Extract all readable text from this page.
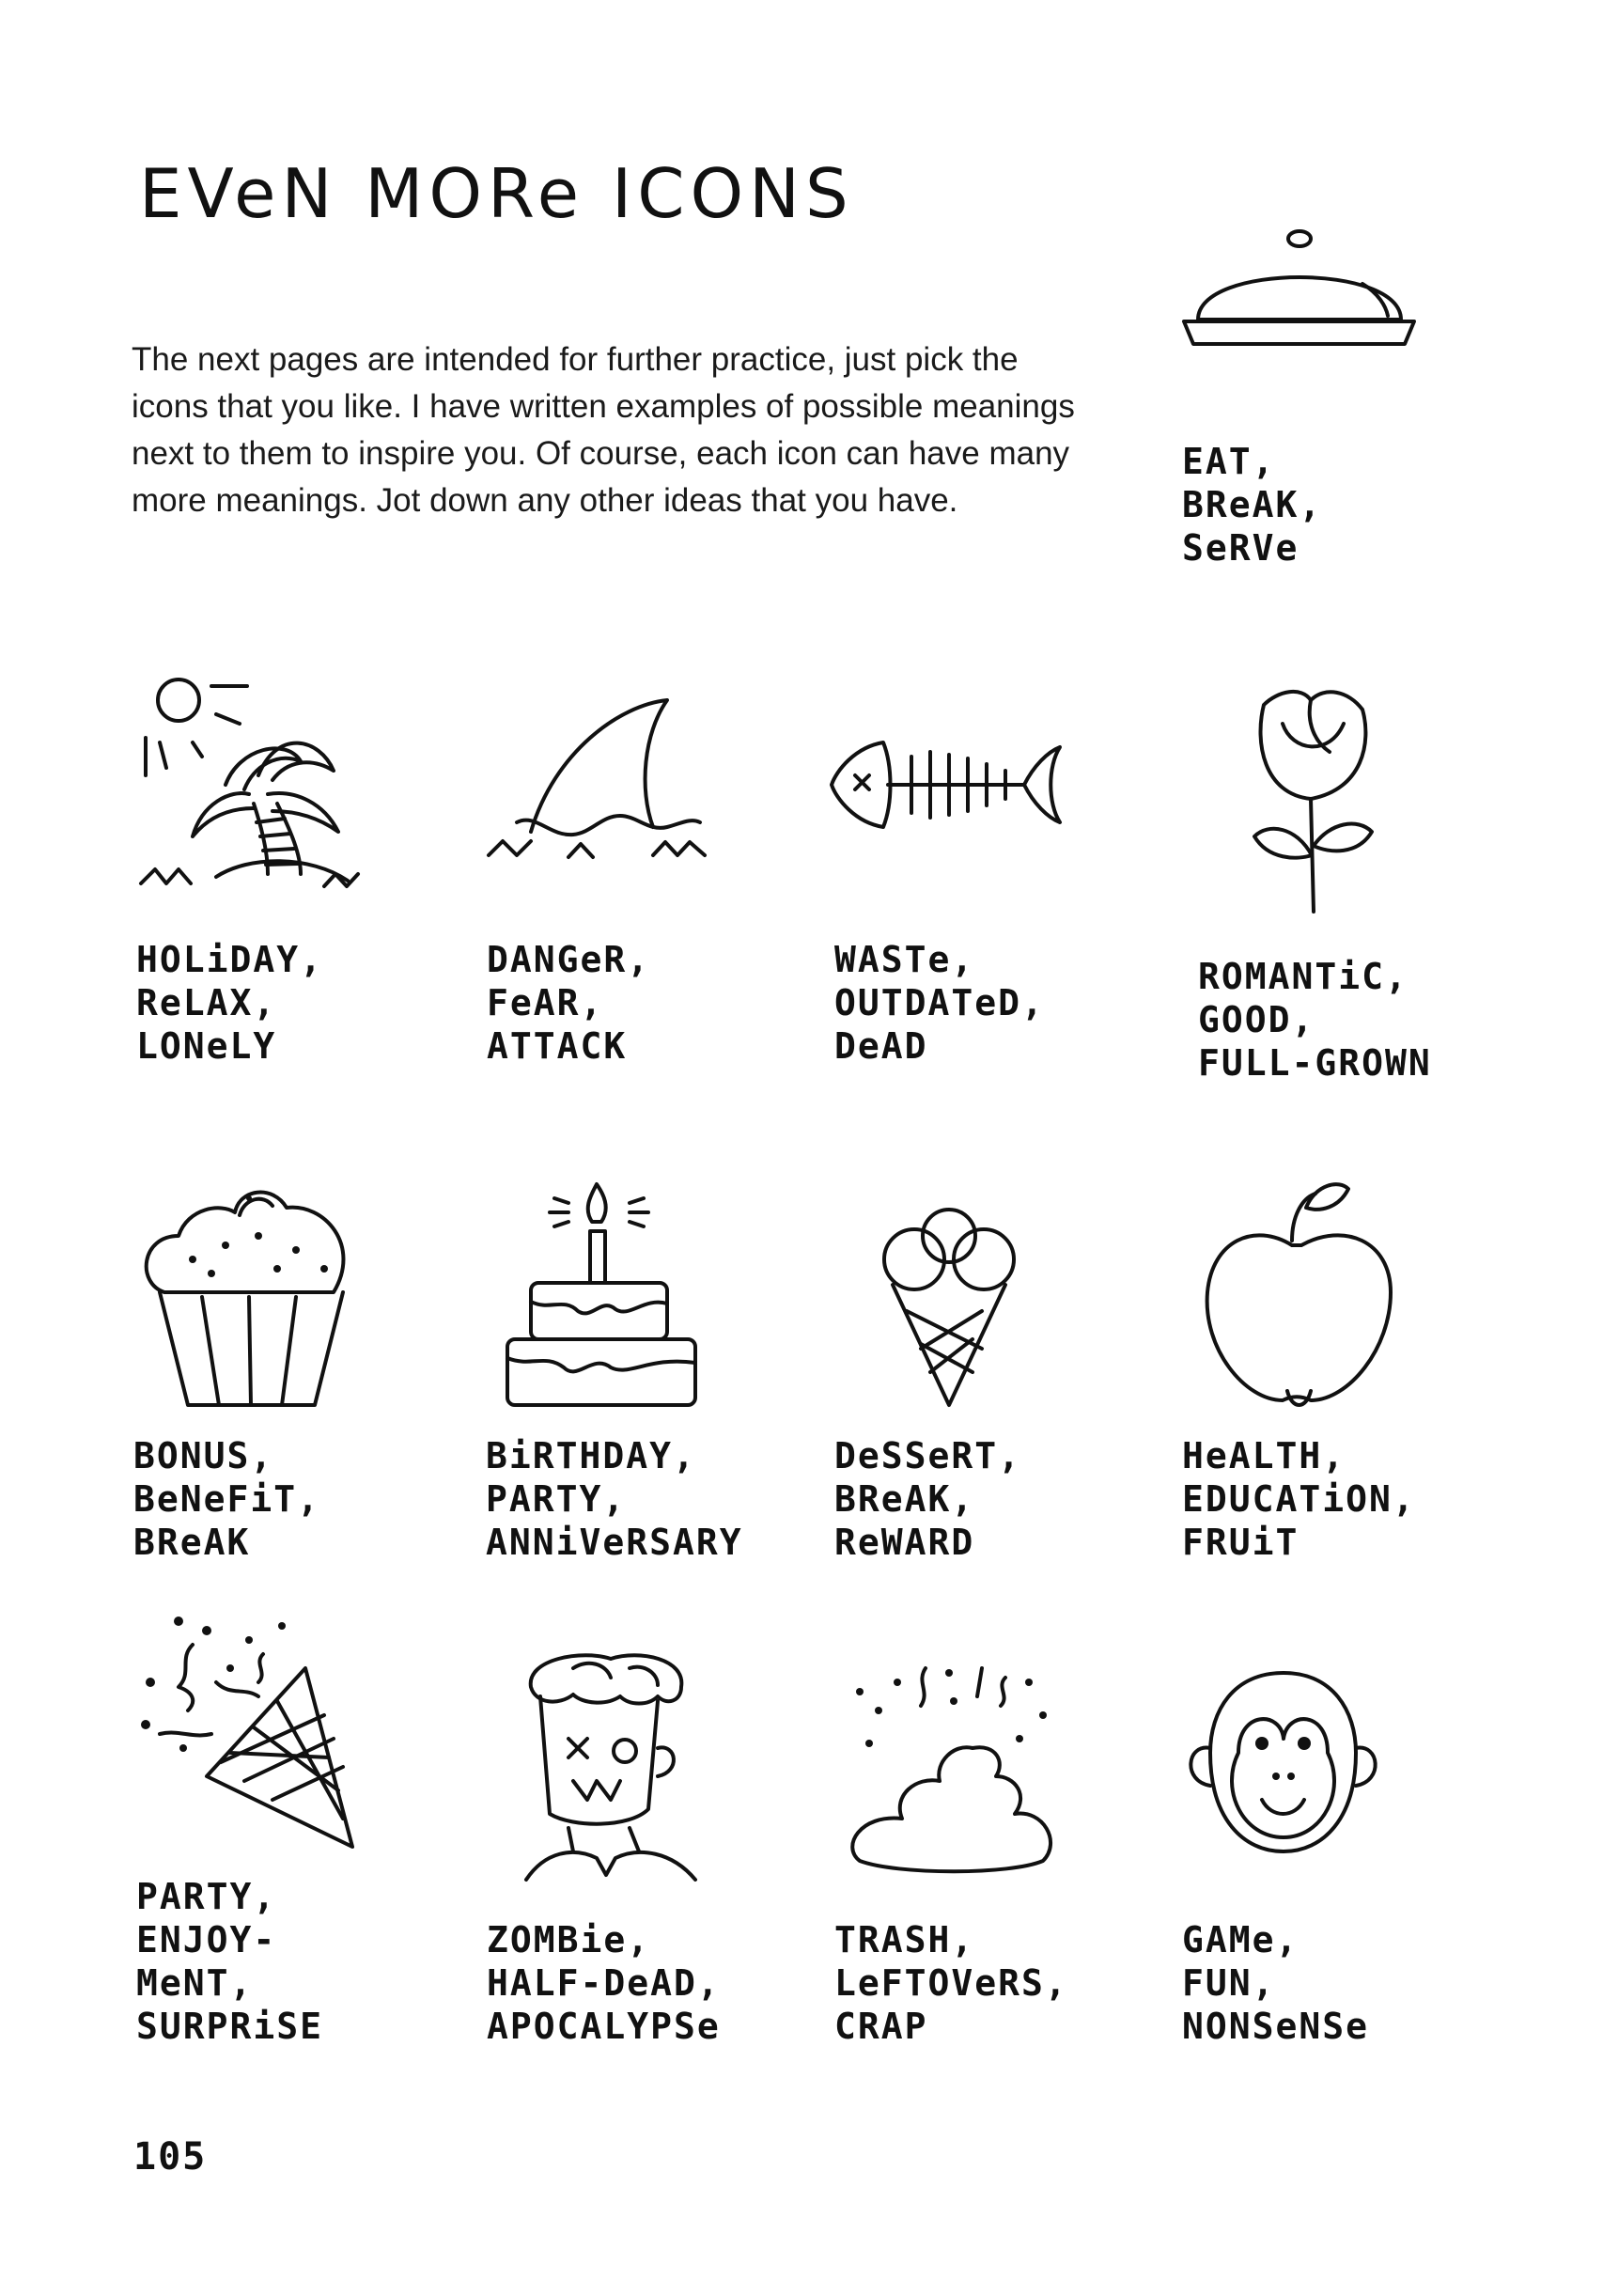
EVeN MORe ICONS

The next pages are intended for further practice, just pick the icons that you like. I have written examples of possible meanings next to them to inspire you. Of course, each icon can have many more meanings. Jot down any other ideas that you have.

EAT,
BReAK,
SeRVe
HOLiDAY,
ReLAX,
LONeLY
DANGeR,
FeAR,
ATTACK
WASTe,
OUTDATeD,
DeAD
ROMANTiC,
GOOD,
FULL-GROWN
BONUS,
BeNeFiT,
BReAK
BiRTHDAY,
PARTY,
ANNiVeRSARY
DeSSeRT,
BReAK,
ReWARD
HeALTH,
EDUCATiON,
FRUiT
PARTY,
ENJOY-
MeNT,
SURPRiSE
ZOMBie,
HALF-DeAD,
APOCALYPSe
TRASH,
LeFTOVeRS,
CRAP
GAMe,
FUN,
NONSeNSe
105
